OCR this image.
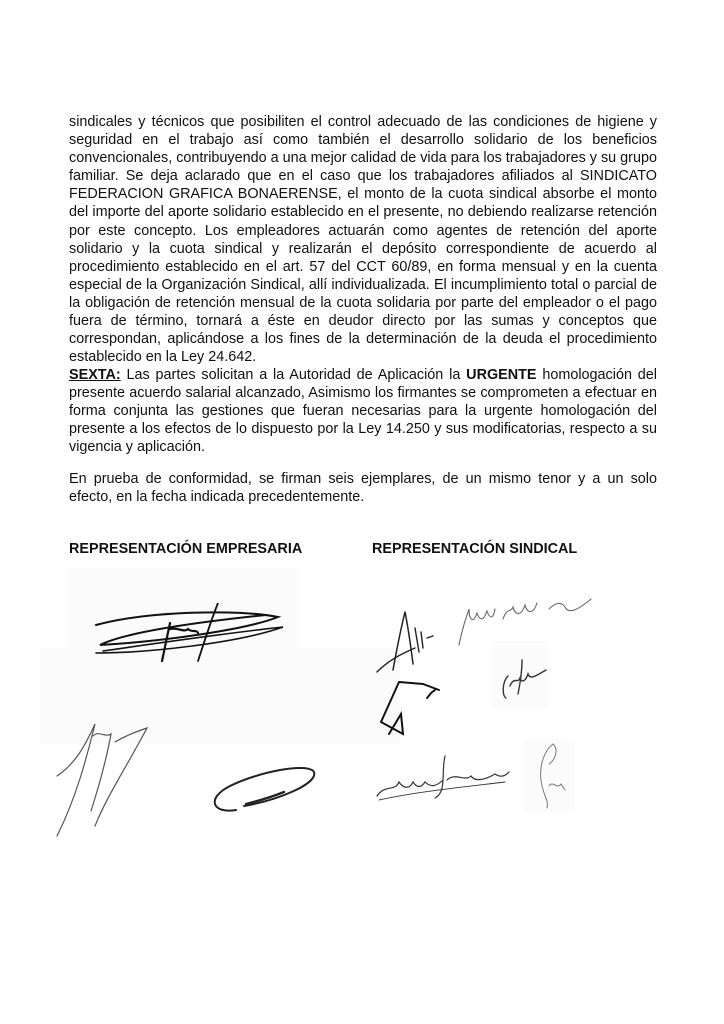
sindicales y técnicos que posibiliten el control adecuado de las condiciones de higiene y seguridad en el trabajo así como también el desarrollo solidario de los beneficios convencionales, contribuyendo a una mejor calidad de vida para los trabajadores y su grupo familiar. Se deja aclarado que en el caso que los trabajadores afiliados al SINDICATO FEDERACION GRAFICA BONAERENSE, el monto de la cuota sindical absorbe el monto del importe del aporte solidario establecido en el presente, no debiendo realizarse retención por este concepto. Los empleadores actuarán como agentes de retención del aporte solidario y la cuota sindical y realizarán el depósito correspondiente de acuerdo al procedimiento establecido en el art. 57 del CCT 60/89, en forma mensual y en la cuenta especial de la Organización Sindical, allí individualizada. El incumplimiento total o parcial de la obligación de retención mensual de la cuota solidaria por parte del empleador o el pago fuera de término, tornará a éste en deudor directo por las sumas y conceptos que correspondan, aplicándose a los fines de la determinación de la deuda el procedimiento establecido en la Ley 24.642.

SEXTA: Las partes solicitan a la Autoridad de Aplicación la URGENTE homologación del presente acuerdo salarial alcanzado, Asimismo los firmantes se comprometen a efectuar en forma conjunta las gestiones que fueran necesarias para la urgente homologación del presente a los efectos de lo dispuesto por la Ley 14.250 y sus modificatorias, respecto a su vigencia y aplicación.

En prueba de conformidad, se firman seis ejemplares, de un mismo tenor y a un solo efecto, en la fecha indicada precedentemente.

REPRESENTACIÓN EMPRESARIA	REPRESENTACIÓN SINDICAL
